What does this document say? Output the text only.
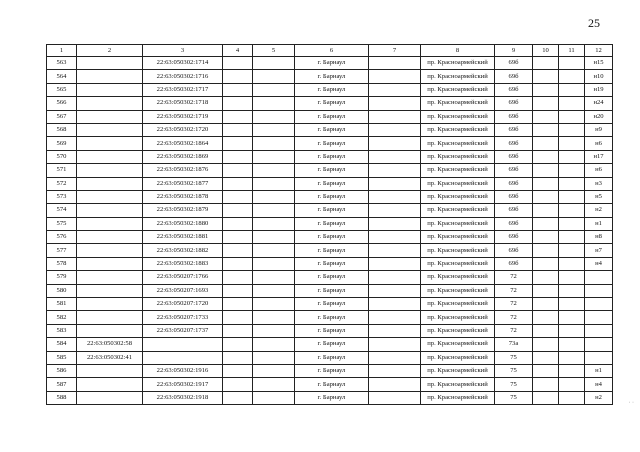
25
1	2	3	4	5	6	7	8	9	10	11	12
563		22:63:050302:1714			г. Барнаул		пр. Красноармейский	69б			н15
564		22:63:050302:1716			г. Барнаул		пр. Красноармейский	69б			н10
565		22:63:050302:1717			г. Барнаул		пр. Красноармейский	69б			н19
566		22:63:050302:1718			г. Барнаул		пр. Красноармейский	69б			н24
567		22:63:050302:1719			г. Барнаул		пр. Красноармейский	69б			н20
568		22:63:050302:1720			г. Барнаул		пр. Красноармейский	69б			н9
569		22:63:050302:1864			г. Барнаул		пр. Красноармейский	69б			н6
570		22:63:050302:1869			г. Барнаул		пр. Красноармейский	69б			н17
571		22:63:050302:1876			г. Барнаул		пр. Красноармейский	69б			н6
572		22:63:050302:1877			г. Барнаул		пр. Красноармейский	69б			н3
573		22:63:050302:1878			г. Барнаул		пр. Красноармейский	69б			н5
574		22:63:050302:1879			г. Барнаул		пр. Красноармейский	69б			н2
575		22:63:050302:1880			г. Барнаул		пр. Красноармейский	69б			н1
576		22:63:050302:1881			г. Барнаул		пр. Красноармейский	69б			н8
577		22:63:050302:1882			г. Барнаул		пр. Красноармейский	69б			н7
578		22:63:050302:1883			г. Барнаул		пр. Красноармейский	69б			н4
579		22:63:050207:1766			г. Барнаул		пр. Красноармейский	72			
580		22:63:050207:1693			г. Барнаул		пр. Красноармейский	72			
581		22:63:050207:1720			г. Барнаул		пр. Красноармейский	72			
582		22:63:050207:1733			г. Барнаул		пр. Красноармейский	72			
583		22:63:050207:1737			г. Барнаул		пр. Красноармейский	72			
584	22:63:050302:58				г. Барнаул		пр. Красноармейский	73а			
585	22:63:050302:41				г. Барнаул		пр. Красноармейский	75			
586		22:63:050302:1916			г. Барнаул		пр. Красноармейский	75			н1
587		22:63:050302:1917			г. Барнаул		пр. Красноармейский	75			н4
588		22:63:050302:1918			г. Барнаул		пр. Красноармейский	75			н2
· ·
